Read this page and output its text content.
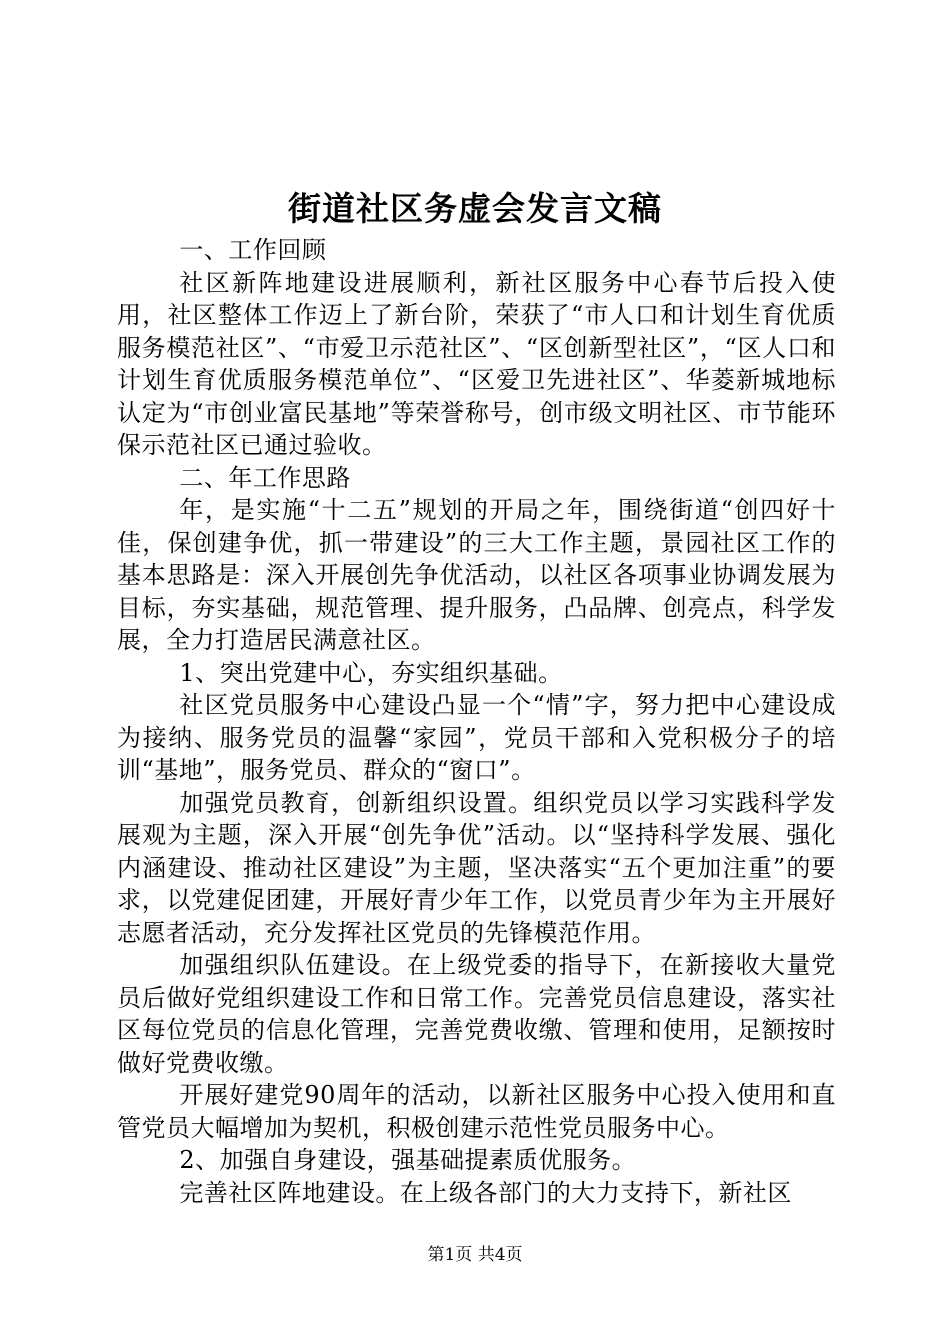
街道社区务虚会发言文稿

一、工作回顾

社区新阵地建设进展顺利，新社区服务中心春节后投入使用，社区整体工作迈上了新台阶，荣获了“市人口和计划生育优质服务模范社区”、“市爱卫示范社区”、“区创新型社区”，“区人口和计划生育优质服务模范单位”、“区爱卫先进社区”、华菱新城地标认定为“市创业富民基地”等荣誉称号，创市级文明社区、市节能环保示范社区已通过验收。

二、年工作思路

年，是实施“十二五”规划的开局之年，围绕街道“创四好十佳，保创建争优，抓一带建设”的三大工作主题，景园社区工作的基本思路是：深入开展创先争优活动，以社区各项事业协调发展为目标，夯实基础，规范管理、提升服务，凸品牌、创亮点，科学发展，全力打造居民满意社区。

1、突出党建中心，夯实组织基础。

社区党员服务中心建设凸显一个“情”字，努力把中心建设成为接纳、服务党员的温馨“家园”，党员干部和入党积极分子的培训“基地”，服务党员、群众的“窗口”。

加强党员教育，创新组织设置。组织党员以学习实践科学发展观为主题，深入开展“创先争优”活动。以“坚持科学发展、强化内涵建设、推动社区建设”为主题，坚决落实“五个更加注重”的要求，以党建促团建，开展好青少年工作，以党员青少年为主开展好志愿者活动，充分发挥社区党员的先锋模范作用。

加强组织队伍建设。在上级党委的指导下，在新接收大量党员后做好党组织建设工作和日常工作。完善党员信息建设，落实社区每位党员的信息化管理，完善党费收缴、管理和使用，足额按时做好党费收缴。

开展好建党90周年的活动，以新社区服务中心投入使用和直管党员大幅增加为契机，积极创建示范性党员服务中心。

2、加强自身建设，强基础提素质优服务。

完善社区阵地建设。在上级各部门的大力支持下，新社区

第1页 共4页
